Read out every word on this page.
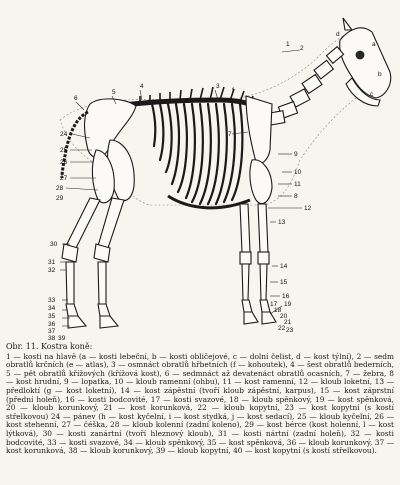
1
3
4
5
6
2
7
9
10
11
8
12
13
14
15
16
17
18
19
20
21
22 23
24
25
26
27
28
29
30
31
32
33
34
35
36
37
38 39
a
b
c
d
f
Obr. 11. Kostra koně:
1 — kosti na hlavě (a — kosti lebeční, b — kosti obličejové, c — dolní čelist, d — kost týlní), 2 — sedm obratlů krčních (e — atlas), 3 — osmnáct obratlů hřbetních (f — kohoutek), 4 — šest obratlů bederních, 5 — pět obratlů křížových (křížová kost), 6 — sedmnáct až devatenáct obratlů ocasních, 7 — žebra, 8 — kost hrudní, 9 — lopatka, 10 — kloub ramenní (ohbu), 11 — kost ramenní, 12 — kloub loketní, 13 — předloktí (g — kost loketní), 14 — kost zápěstní (tvoří kloub zápěstní, karpus), 15 — kost záprstní (přední holeň), 16 — kosti bodcovité, 17 — kosti svazové, 18 — kloub spěnkový, 19 — kost spěnková, 20 — kloub korunkový, 21 — kost korunková, 22 — kloub kopytní, 23 — kost kopytní (s kostí střelkovou) 24 — pánev (h — kost kyčelní, i — kost stydká, j — kost sedací), 25 — kloub kyčelní, 26 — kost stehenní, 27 — čéška, 28 — kloub kolenní (zadní koleno), 29 — kost bérce (kost holenní, l — kost lýtková), 30 — kosti zanártní (tvoří hleznový kloub), 31 — kosti nártní (zadní holeň), 32 — kosti bodcovité, 33 — kosti svazové, 34 — kloub spěnkový, 35 — kost spěnková, 36 — kloub korunkový, 37 — kost korunková, 38 — kloub korunkový, 39 — kloub kopytní, 40 — kost kopytní (s kostí střelkovou).
